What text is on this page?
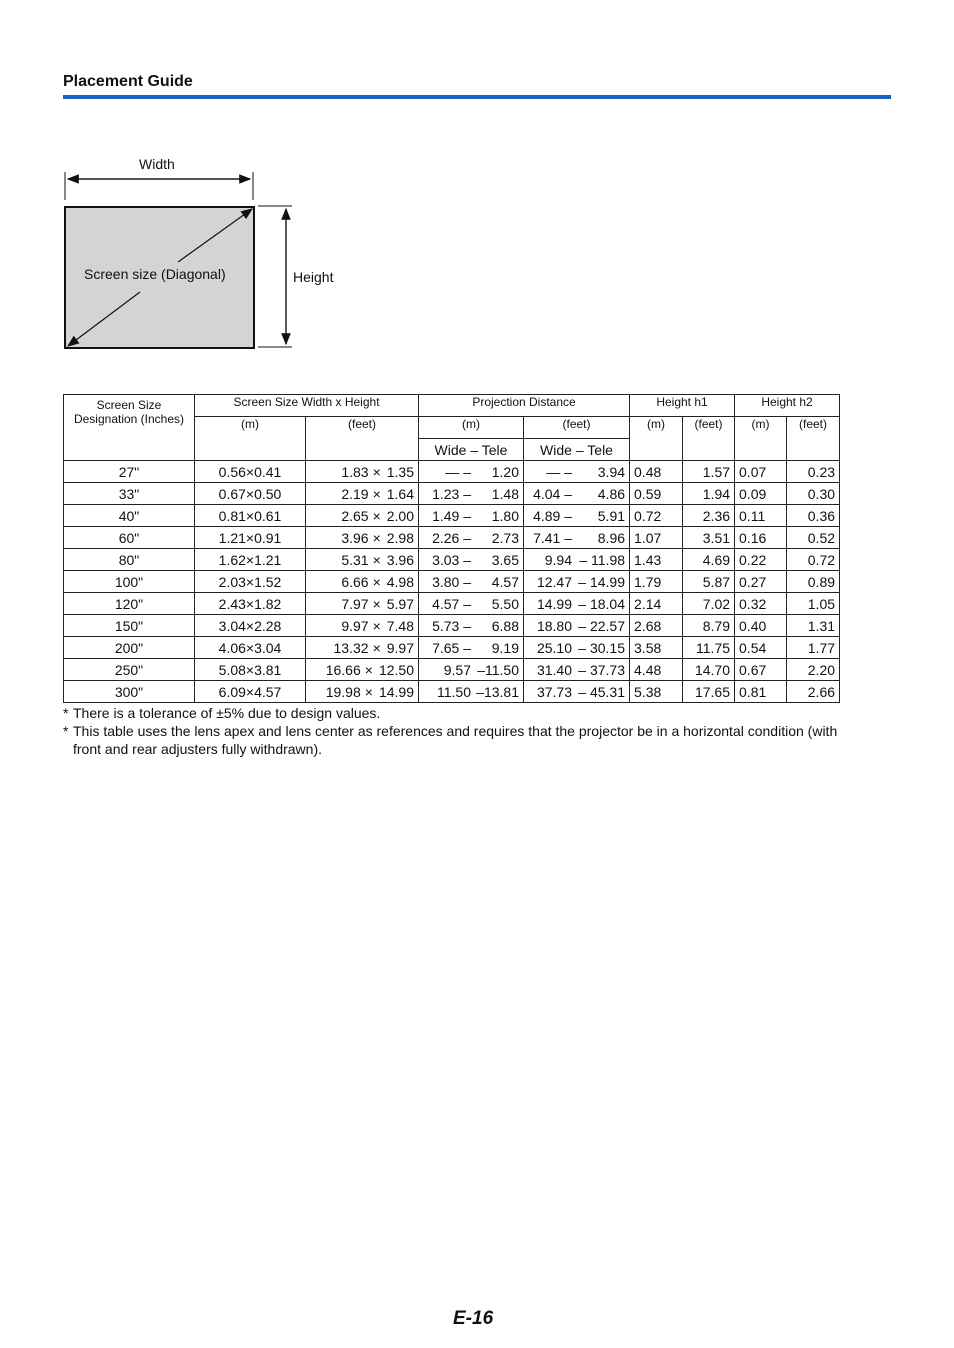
Placement Guide
Width
Height
Screen size (Diagonal)
Screen Size Designation (Inches)	Screen Size Width x Height		Projection Distance		Height h1		Height h2	
	(m)	(feet)	(m)	(feet)	(m)	(feet)	(m)	(feet)
			Wide – Tele	Wide – Tele				
27"	0.56×0.41	1.83 × 1.35	— – 1.20	— – 3.94	0.48	1.57	0.07	0.23
33"	0.67×0.50	2.19 × 1.64	1.23 – 1.48	4.04 – 4.86	0.59	1.94	0.09	0.30
40"	0.81×0.61	2.65 × 2.00	1.49 – 1.80	4.89 – 5.91	0.72	2.36	0.11	0.36
60"	1.21×0.91	3.96 × 2.98	2.26 – 2.73	7.41 – 8.96	1.07	3.51	0.16	0.52
80"	1.62×1.21	5.31 × 3.96	3.03 – 3.65	9.94 – 11.98	1.43	4.69	0.22	0.72
100"	2.03×1.52	6.66 × 4.98	3.80 – 4.57	12.47 – 14.99	1.79	5.87	0.27	0.89
120"	2.43×1.82	7.97 × 5.97	4.57 – 5.50	14.99 – 18.04	2.14	7.02	0.32	1.05
150"	3.04×2.28	9.97 × 7.48	5.73 – 6.88	18.80 – 22.57	2.68	8.79	0.40	1.31
200"	4.06×3.04	13.32 × 9.97	7.65 – 9.19	25.10 – 30.15	3.58	11.75	0.54	1.77
250"	5.08×3.81	16.66 × 12.50	9.57 –11.50	31.40 – 37.73	4.48	14.70	0.67	2.20
300"	6.09×4.57	19.98 × 14.99	11.50 –13.81	37.73 – 45.31	5.38	17.65	0.81	2.66
* There is a tolerance of ±5% due to design values.
* This table uses the lens apex and lens center as references and requires that the projector be in a horizontal condition (with front and rear adjusters fully withdrawn).
E-16
